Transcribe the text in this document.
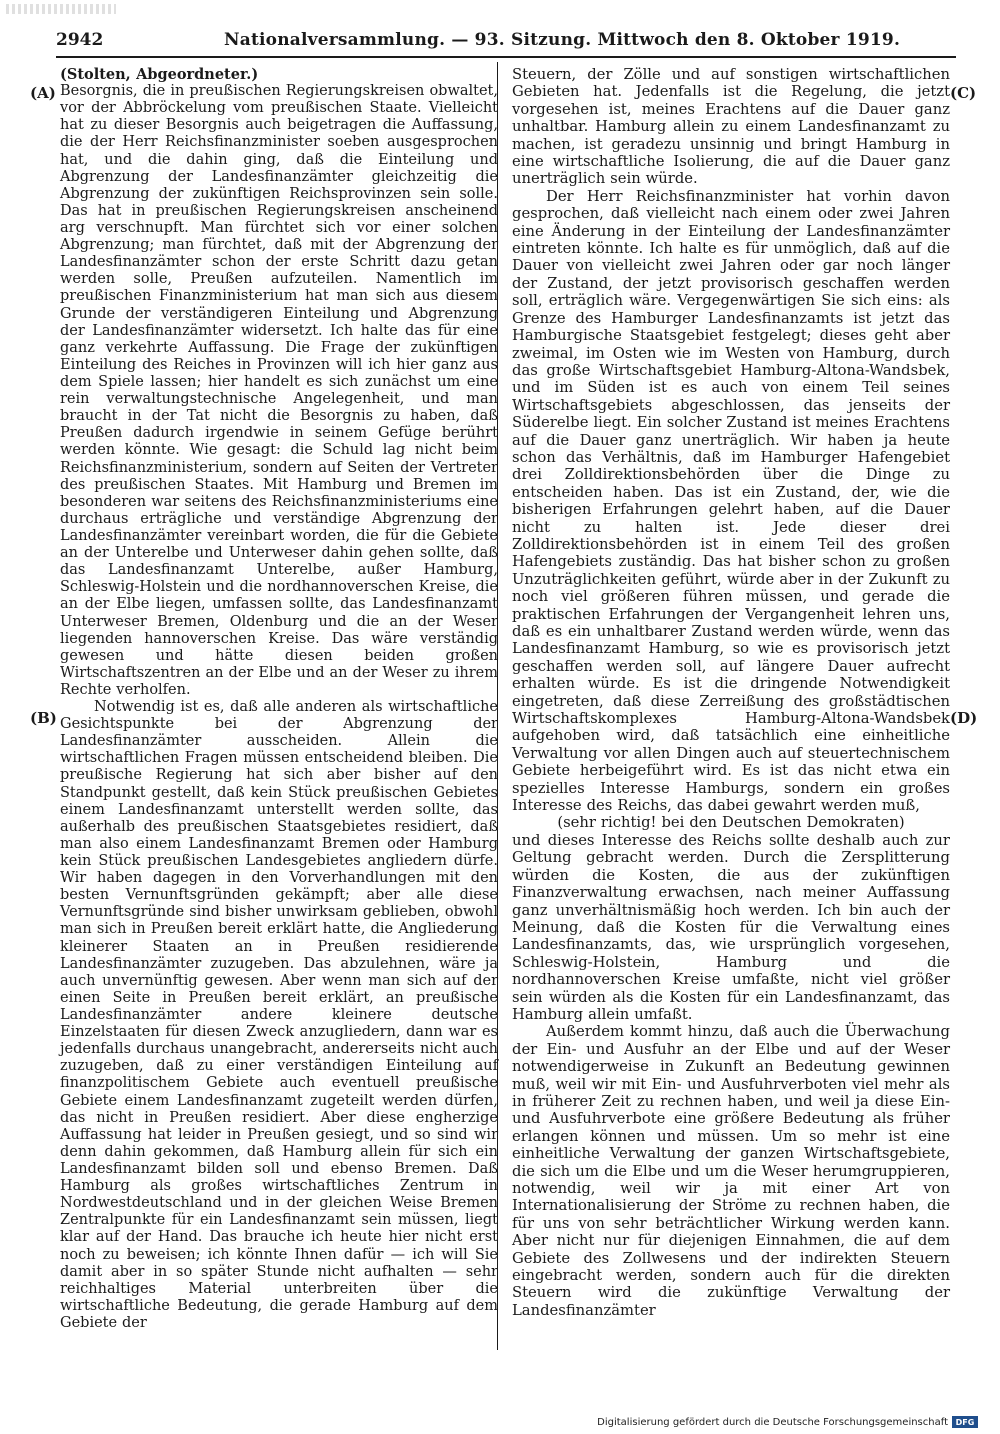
2942	Nationalversammlung. — 93. Sitzung. Mittwoch den 8. Oktober 1919.
(A)
(B)
(C)
(D)

(Stolten, Abgeordneter.)

Besorgnis, die in preußischen Regierungskreisen obwaltet, vor der Abbröckelung vom preußischen Staate. Vielleicht hat zu dieser Besorgnis auch beigetragen die Auffassung, die der Herr Reichsfinanzminister soeben ausgesprochen hat, und die dahin ging, daß die Einteilung und Abgrenzung der Landesfinanzämter gleichzeitig die Abgrenzung der zukünftigen Reichsprovinzen sein solle. Das hat in preußischen Regierungskreisen anscheinend arg verschnupft. Man fürchtet sich vor einer solchen Abgrenzung; man fürchtet, daß mit der Abgrenzung der Landesfinanzämter schon der erste Schritt dazu getan werden solle, Preußen aufzuteilen. Namentlich im preußischen Finanzministerium hat man sich aus diesem Grunde der verständigeren Einteilung und Abgrenzung der Landesfinanzämter widersetzt. Ich halte das für eine ganz verkehrte Auffassung. Die Frage der zukünftigen Einteilung des Reiches in Provinzen will ich hier ganz aus dem Spiele lassen; hier handelt es sich zunächst um eine rein verwaltungstechnische Angelegenheit, und man braucht in der Tat nicht die Besorgnis zu haben, daß Preußen dadurch irgendwie in seinem Gefüge berührt werden könnte. Wie gesagt: die Schuld lag nicht beim Reichsfinanzministerium, sondern auf Seiten der Vertreter des preußischen Staates. Mit Hamburg und Bremen im besonderen war seitens des Reichsfinanzministeriums eine durchaus erträgliche und verständige Abgrenzung der Landesfinanzämter vereinbart worden, die für die Gebiete an der Unterelbe und Unterweser dahin gehen sollte, daß das Landesfinanzamt Unterelbe, außer Hamburg, Schleswig-Holstein und die nordhannoverschen Kreise, die an der Elbe liegen, umfassen sollte, das Landesfinanzamt Unterweser Bremen, Oldenburg und die an der Weser liegenden hannoverschen Kreise. Das wäre verständig gewesen und hätte diesen beiden großen Wirtschaftszentren an der Elbe und an der Weser zu ihrem Rechte verholfen.

Notwendig ist es, daß alle anderen als wirtschaftliche Gesichtspunkte bei der Abgrenzung der Landesfinanzämter ausscheiden. Allein die wirtschaftlichen Fragen müssen entscheidend bleiben. Die preußische Regierung hat sich aber bisher auf den Standpunkt gestellt, daß kein Stück preußischen Gebietes einem Landesfinanzamt unterstellt werden sollte, das außerhalb des preußischen Staatsgebietes residiert, daß man also einem Landesfinanzamt Bremen oder Hamburg kein Stück preußischen Landesgebietes angliedern dürfe. Wir haben dagegen in den Vorverhandlungen mit den besten Vernunftsgründen gekämpft; aber alle diese Vernunftsgründe sind bisher unwirksam geblieben, obwohl man sich in Preußen bereit erklärt hatte, die Angliederung kleinerer Staaten an in Preußen residierende Landesfinanzämter zuzugeben. Das abzulehnen, wäre ja auch unvernünftig gewesen. Aber wenn man sich auf der einen Seite in Preußen bereit erklärt, an preußische Landesfinanzämter andere kleinere deutsche Einzelstaaten für diesen Zweck anzugliedern, dann war es jedenfalls durchaus unangebracht, andererseits nicht auch zuzugeben, daß zu einer verständigen Einteilung auf finanzpolitischem Gebiete auch eventuell preußische Gebiete einem Landesfinanzamt zugeteilt werden dürfen, das nicht in Preußen residiert. Aber diese engherzige Auffassung hat leider in Preußen gesiegt, und so sind wir denn dahin gekommen, daß Hamburg allein für sich ein Landesfinanzamt bilden soll und ebenso Bremen. Daß Hamburg als großes wirtschaftliches Zentrum in Nordwestdeutschland und in der gleichen Weise Bremen Zentralpunkte für ein Landesfinanzamt sein müssen, liegt klar auf der Hand. Das brauche ich heute hier nicht erst noch zu beweisen; ich könnte Ihnen dafür — ich will Sie damit aber in so später Stunde nicht aufhalten — sehr reichhaltiges Material unterbreiten über die wirtschaftliche Bedeutung, die gerade Hamburg auf dem Gebiete der

Steuern, der Zölle und auf sonstigen wirtschaftlichen Gebieten hat. Jedenfalls ist die Regelung, die jetzt vorgesehen ist, meines Erachtens auf die Dauer ganz unhaltbar. Hamburg allein zu einem Landesfinanzamt zu machen, ist geradezu unsinnig und bringt Hamburg in eine wirtschaftliche Isolierung, die auf die Dauer ganz unerträglich sein würde.

Der Herr Reichsfinanzminister hat vorhin davon gesprochen, daß vielleicht nach einem oder zwei Jahren eine Änderung in der Einteilung der Landesfinanzämter eintreten könnte. Ich halte es für unmöglich, daß auf die Dauer von vielleicht zwei Jahren oder gar noch länger der Zustand, der jetzt provisorisch geschaffen werden soll, erträglich wäre. Vergegenwärtigen Sie sich eins: als Grenze des Hamburger Landesfinanzamts ist jetzt das Hamburgische Staatsgebiet festgelegt; dieses geht aber zweimal, im Osten wie im Westen von Hamburg, durch das große Wirtschaftsgebiet Hamburg-Altona-Wandsbek, und im Süden ist es auch von einem Teil seines Wirtschaftsgebiets abgeschlossen, das jenseits der Süderelbe liegt. Ein solcher Zustand ist meines Erachtens auf die Dauer ganz unerträglich. Wir haben ja heute schon das Verhältnis, daß im Hamburger Hafengebiet drei Zolldirektionsbehörden über die Dinge zu entscheiden haben. Das ist ein Zustand, der, wie die bisherigen Erfahrungen gelehrt haben, auf die Dauer nicht zu halten ist. Jede dieser drei Zolldirektionsbehörden ist in einem Teil des großen Hafengebiets zuständig. Das hat bisher schon zu großen Unzuträglichkeiten geführt, würde aber in der Zukunft zu noch viel größeren führen müssen, und gerade die praktischen Erfahrungen der Vergangenheit lehren uns, daß es ein unhaltbarer Zustand werden würde, wenn das Landesfinanzamt Hamburg, so wie es provisorisch jetzt geschaffen werden soll, auf längere Dauer aufrecht erhalten würde. Es ist die dringende Notwendigkeit eingetreten, daß diese Zerreißung des großstädtischen Wirtschaftskomplexes Hamburg-Altona-Wandsbek aufgehoben wird, daß tatsächlich eine einheitliche Verwaltung vor allen Dingen auch auf steuertechnischem Gebiete herbeigeführt wird. Es ist das nicht etwa ein spezielles Interesse Hamburgs, sondern ein großes Interesse des Reichs, das dabei gewahrt werden muß,

(sehr richtig! bei den Deutschen Demokraten)

und dieses Interesse des Reichs sollte deshalb auch zur Geltung gebracht werden. Durch die Zersplitterung würden die Kosten, die aus der zukünftigen Finanzverwaltung erwachsen, nach meiner Auffassung ganz unverhältnismäßig hoch werden. Ich bin auch der Meinung, daß die Kosten für die Verwaltung eines Landesfinanzamts, das, wie ursprünglich vorgesehen, Schleswig-Holstein, Hamburg und die nordhannoverschen Kreise umfaßte, nicht viel größer sein würden als die Kosten für ein Landesfinanzamt, das Hamburg allein umfaßt.

Außerdem kommt hinzu, daß auch die Überwachung der Ein- und Ausfuhr an der Elbe und auf der Weser notwendigerweise in Zukunft an Bedeutung gewinnen muß, weil wir mit Ein- und Ausfuhrverboten viel mehr als in früherer Zeit zu rechnen haben, und weil ja diese Ein- und Ausfuhrverbote eine größere Bedeutung als früher erlangen können und müssen. Um so mehr ist eine einheitliche Verwaltung der ganzen Wirtschaftsgebiete, die sich um die Elbe und um die Weser herumgruppieren, notwendig, weil wir ja mit einer Art von Internationalisierung der Ströme zu rechnen haben, die für uns von sehr beträchtlicher Wirkung werden kann. Aber nicht nur für diejenigen Einnahmen, die auf dem Gebiete des Zollwesens und der indirekten Steuern eingebracht werden, sondern auch für die direkten Steuern wird die zukünftige Verwaltung der Landesfinanzämter

Digitalisierung gefördert durch die Deutsche Forschungsgemeinschaft DFG
